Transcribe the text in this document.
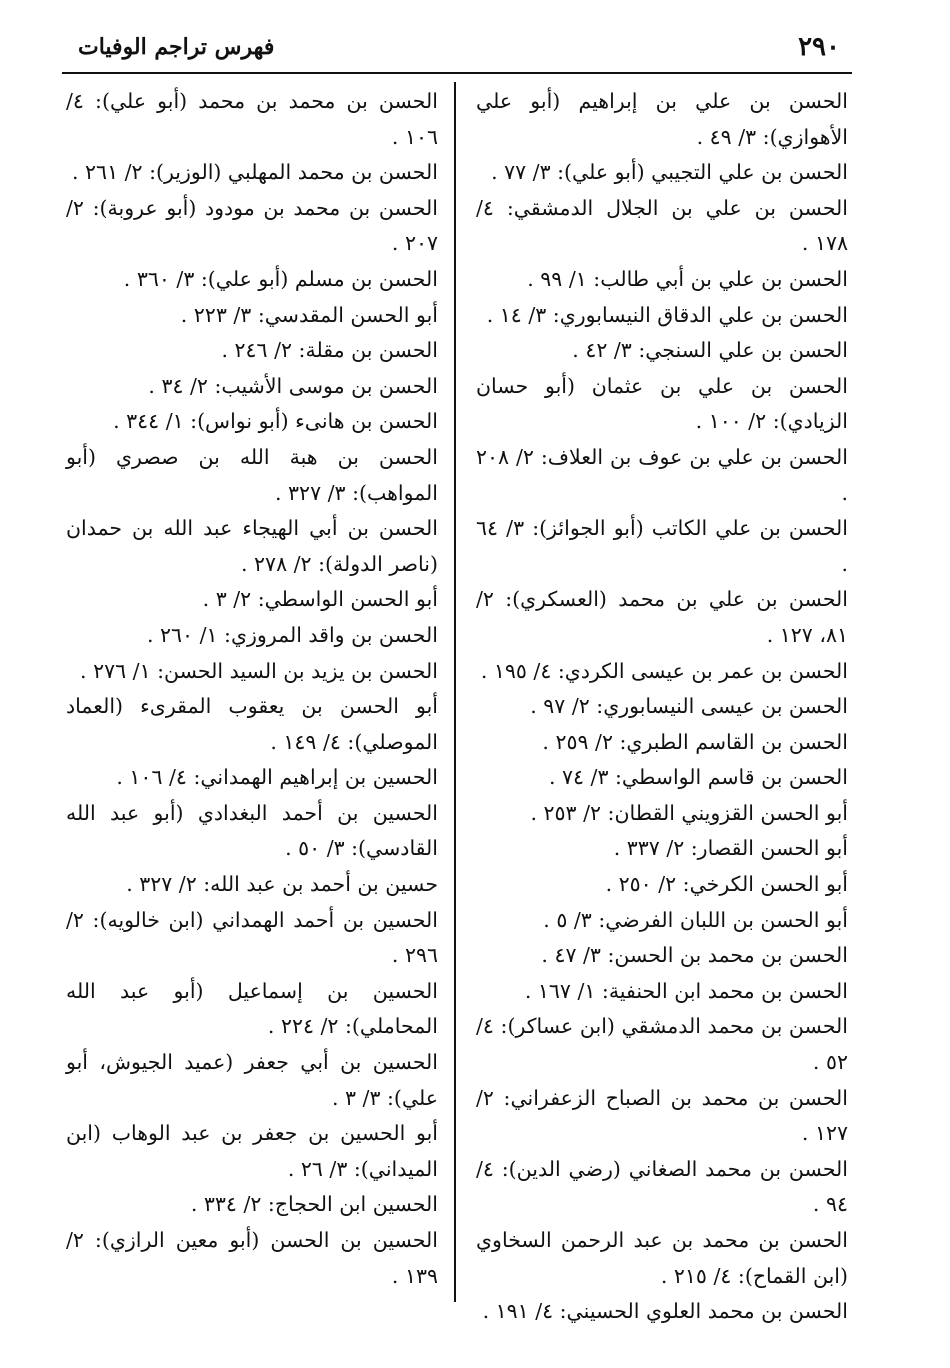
٢٩٠
فهرس تراجم الوفيات

الحسن بن علي بن إبراهيم (أبو علي الأهوازي): ٣/ ٤٩ .

الحسن بن علي التجيبي (أبو علي): ٣/ ٧٧ .

الحسن بن علي بن الجلال الدمشقي: ٤/ ١٧٨ .

الحسن بن علي بن أبي طالب: ١/ ٩٩ .

الحسن بن علي الدقاق النيسابوري: ٣/ ١٤ .

الحسن بن علي السنجي: ٣/ ٤٢ .

الحسن بن علي بن عثمان (أبو حسان الزيادي): ٢/ ١٠٠ .

الحسن بن علي بن عوف بن العلاف: ٢/ ٢٠٨ .

الحسن بن علي الكاتب (أبو الجوائز): ٣/ ٦٤ .

الحسن بن علي بن محمد (العسكري): ٢/ ٨١، ١٢٧ .

الحسن بن عمر بن عيسى الكردي: ٤/ ١٩٥ .

الحسن بن عيسى النيسابوري: ٢/ ٩٧ .

الحسن بن القاسم الطبري: ٢/ ٢٥٩ .

الحسن بن قاسم الواسطي: ٣/ ٧٤ .

أبو الحسن القزويني القطان: ٢/ ٢٥٣ .

أبو الحسن القصار: ٢/ ٣٣٧ .

أبو الحسن الكرخي: ٢/ ٢٥٠ .

أبو الحسن بن اللبان الفرضي: ٣/ ٥ .

الحسن بن محمد بن الحسن: ٣/ ٤٧ .

الحسن بن محمد ابن الحنفية: ١/ ١٦٧ .

الحسن بن محمد الدمشقي (ابن عساكر): ٤/ ٥٢ .

الحسن بن محمد بن الصباح الزعفراني: ٢/ ١٢٧ .

الحسن بن محمد الصغاني (رضي الدين): ٤/ ٩٤ .

الحسن بن محمد بن عبد الرحمن السخاوي (ابن القماح): ٤/ ٢١٥ .

الحسن بن محمد العلوي الحسيني: ٤/ ١٩١ .

الحسن بن محمد بن محمد (أبو علي): ٤/ ١٠٦ .

الحسن بن محمد المهلبي (الوزير): ٢/ ٢٦١ .

الحسن بن محمد بن مودود (أبو عروبة): ٢/ ٢٠٧ .

الحسن بن مسلم (أبو علي): ٣/ ٣٦٠ .

أبو الحسن المقدسي: ٣/ ٢٢٣ .

الحسن بن مقلة: ٢/ ٢٤٦ .

الحسن بن موسى الأشيب: ٢/ ٣٤ .

الحسن بن هانىء (أبو نواس): ١/ ٣٤٤ .

الحسن بن هبة الله بن صصري (أبو المواهب): ٣/ ٣٢٧ .

الحسن بن أبي الهيجاء عبد الله بن حمدان (ناصر الدولة): ٢/ ٢٧٨ .

أبو الحسن الواسطي: ٢/ ٣ .

الحسن بن واقد المروزي: ١/ ٢٦٠ .

الحسن بن يزيد بن السيد الحسن: ١/ ٢٧٦ .

أبو الحسن بن يعقوب المقرىء (العماد الموصلي): ٤/ ١٤٩ .

الحسين بن إبراهيم الهمداني: ٤/ ١٠٦ .

الحسين بن أحمد البغدادي (أبو عبد الله القادسي): ٣/ ٥٠ .

حسين بن أحمد بن عبد الله: ٢/ ٣٢٧ .

الحسين بن أحمد الهمداني (ابن خالويه): ٢/ ٢٩٦ .

الحسين بن إسماعيل (أبو عبد الله المحاملي): ٢/ ٢٢٤ .

الحسين بن أبي جعفر (عميد الجيوش، أبو علي): ٣/ ٣ .

أبو الحسين بن جعفر بن عبد الوهاب (ابن الميداني): ٣/ ٢٦ .

الحسين ابن الحجاج: ٢/ ٣٣٤ .

الحسين بن الحسن (أبو معين الرازي): ٢/ ١٣٩ .
